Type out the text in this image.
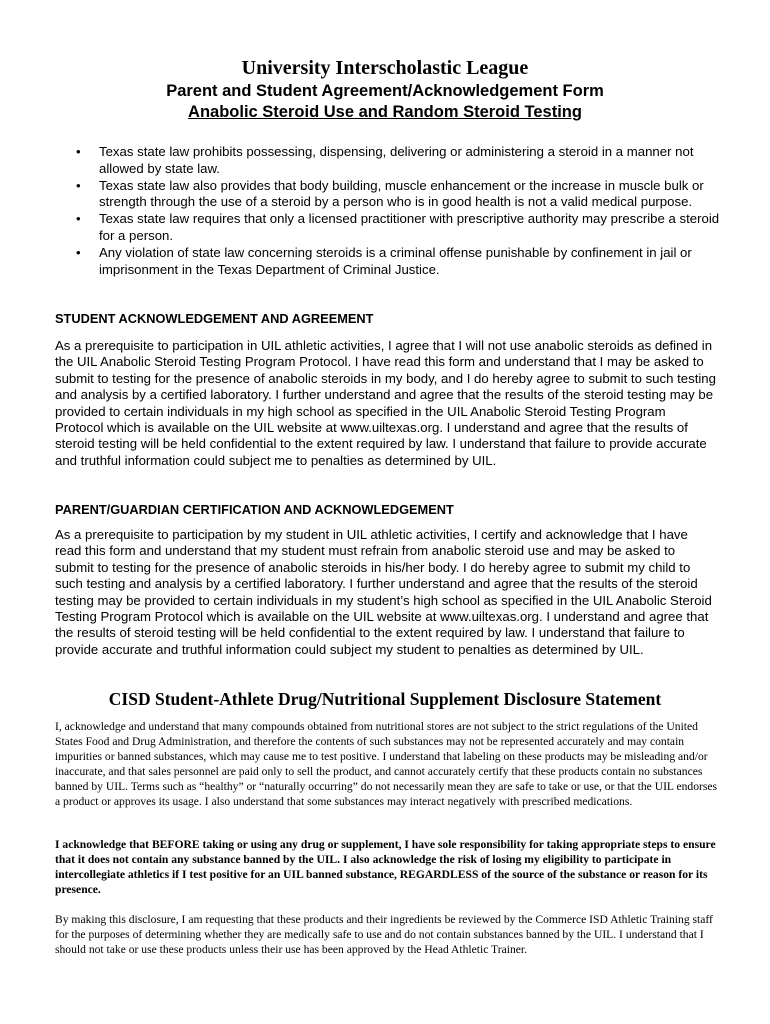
University Interscholastic League
Parent and Student Agreement/Acknowledgement Form
Anabolic Steroid Use and Random Steroid Testing
• Texas state law prohibits possessing, dispensing, delivering or administering a steroid in a manner not allowed by state law.
• Texas state law also provides that body building, muscle enhancement or the increase in muscle bulk or strength through the use of a steroid by a person who is in good health is not a valid medical purpose.
• Texas state law requires that only a licensed practitioner with prescriptive authority may prescribe a steroid for a person.
• Any violation of state law concerning steroids is a criminal offense punishable by confinement in jail or imprisonment in the Texas Department of Criminal Justice.
STUDENT ACKNOWLEDGEMENT AND AGREEMENT

As a prerequisite to participation in UIL athletic activities, I agree that I will not use anabolic steroids as defined in the UIL Anabolic Steroid Testing Program Protocol. I have read this form and understand that I may be asked to submit to testing for the presence of anabolic steroids in my body, and I do hereby agree to submit to such testing and analysis by a certified laboratory. I further understand and agree that the results of the steroid testing may be provided to certain individuals in my high school as specified in the UIL Anabolic Steroid Testing Program Protocol which is available on the UIL website at www.uiltexas.org. I understand and agree that the results of steroid testing will be held confidential to the extent required by law. I understand that failure to provide accurate and truthful information could subject me to penalties as determined by UIL.

PARENT/GUARDIAN CERTIFICATION AND ACKNOWLEDGEMENT

As a prerequisite to participation by my student in UIL athletic activities, I certify and acknowledge that I have read this form and understand that my student must refrain from anabolic steroid use and may be asked to submit to testing for the presence of anabolic steroids in his/her body. I do hereby agree to submit my child to such testing and analysis by a certified laboratory. I further understand and agree that the results of the steroid testing may be provided to certain individuals in my student’s high school as specified in the UIL Anabolic Steroid Testing Program Protocol which is available on the UIL website at www.uiltexas.org. I understand and agree that the results of steroid testing will be held confidential to the extent required by law. I understand that failure to provide accurate and truthful information could subject my student to penalties as determined by UIL.

CISD Student-Athlete Drug/Nutritional Supplement Disclosure Statement

I, acknowledge and understand that many compounds obtained from nutritional stores are not subject to the strict regulations of the United States Food and Drug Administration, and therefore the contents of such substances may not be represented accurately and may contain impurities or banned substances, which may cause me to test positive. I understand that labeling on these products may be misleading and/or inaccurate, and that sales personnel are paid only to sell the product, and cannot accurately certify that these products contain no substances banned by UIL. Terms such as “healthy” or “naturally occurring” do not necessarily mean they are safe to take or use, or that the UIL endorses a product or approves its usage. I also understand that some substances may interact negatively with prescribed medications.

I acknowledge that BEFORE taking or using any drug or supplement, I have sole responsibility for taking appropriate steps to ensure that it does not contain any substance banned by the UIL. I also acknowledge the risk of losing my eligibility to participate in intercollegiate athletics if I test positive for an UIL banned substance, REGARDLESS of the source of the substance or reason for its presence.

By making this disclosure, I am requesting that these products and their ingredients be reviewed by the Commerce ISD Athletic Training staff for the purposes of determining whether they are medically safe to use and do not contain substances banned by the UIL. I understand that I should not take or use these products unless their use has been approved by the Head Athletic Trainer.
